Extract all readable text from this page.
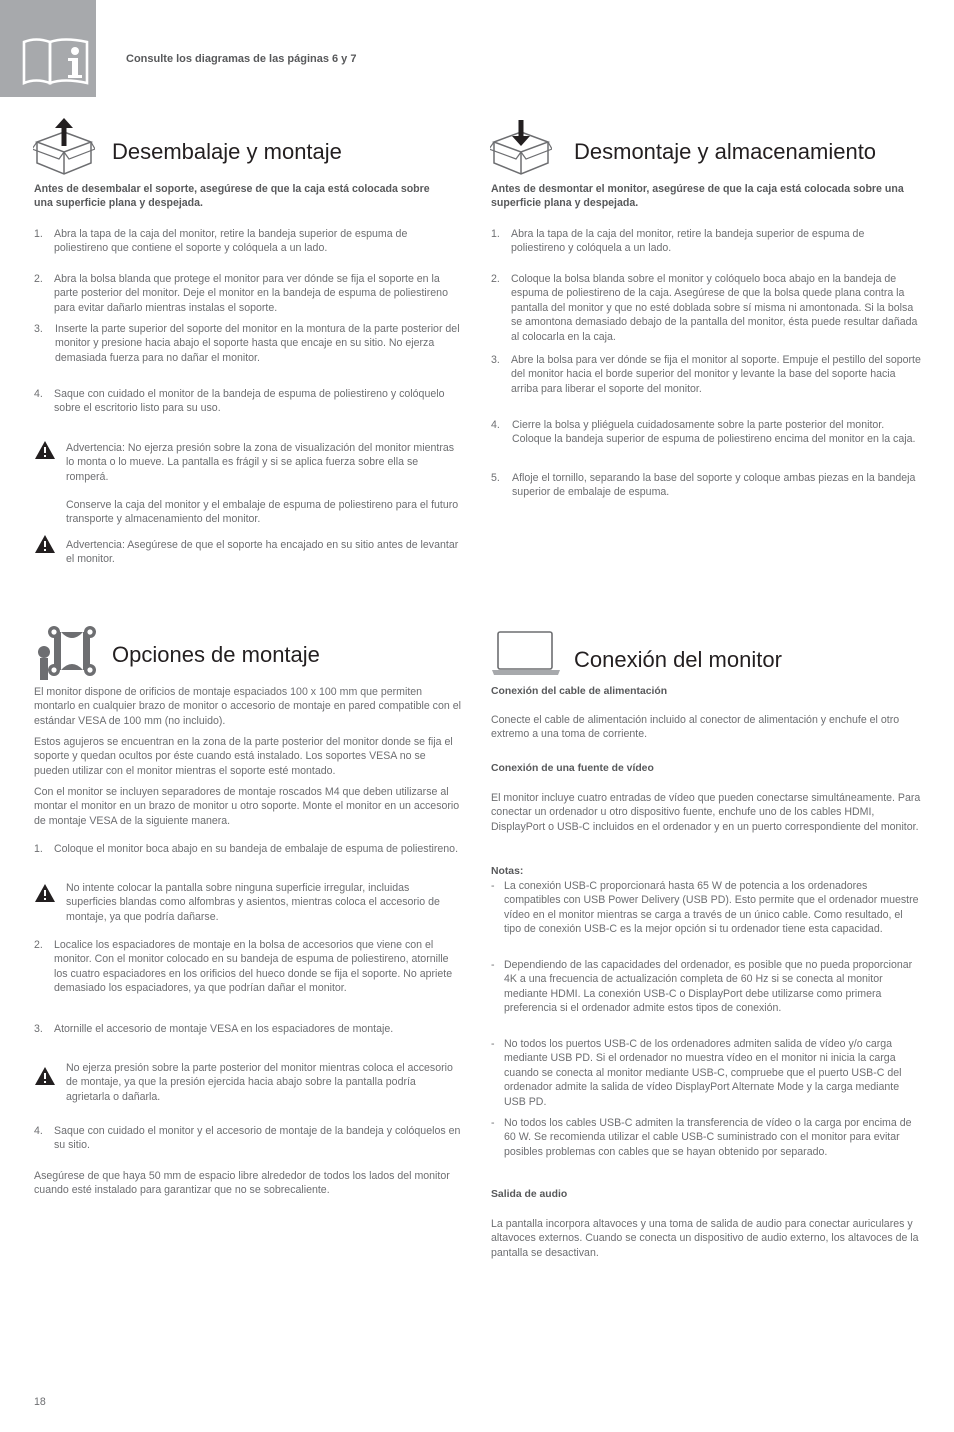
Consulte los diagramas de las páginas 6 y 7
Desembalaje y montaje
Antes de desembalar el soporte, asegúrese de que la caja está colocada sobre una superficie plana y despejada.
1. Abra la tapa de la caja del monitor, retire la bandeja superior de espuma de poliestireno que contiene el soporte y colóquela a un lado.
2. Abra la bolsa blanda que protege el monitor para ver dónde se fija el soporte en la parte posterior del monitor. Deje el monitor en la bandeja de espuma de poliestireno para evitar dañarlo mientras instalas el soporte.
3. Inserte la parte superior del soporte del monitor en la montura de la parte posterior del monitor y presione hacia abajo el soporte hasta que encaje en su sitio. No ejerza demasiada fuerza para no dañar el monitor.
4. Saque con cuidado el monitor de la bandeja de espuma de poliestireno y colóquelo sobre el escritorio listo para su uso.
Advertencia: No ejerza presión sobre la zona de visualización del monitor mientras lo monta o lo mueve. La pantalla es frágil y si se aplica fuerza sobre ella se romperá.
Conserve la caja del monitor y el embalaje de espuma de poliestireno para el futuro transporte y almacenamiento del monitor.
Advertencia: Asegúrese de que el soporte ha encajado en su sitio antes de levantar el monitor.
Desmontaje y almacenamiento
Antes de desmontar el monitor, asegúrese de que la caja está colocada sobre una superficie plana y despejada.
1. Abra la tapa de la caja del monitor, retire la bandeja superior de espuma de poliestireno y colóquela a un lado.
2. Coloque la bolsa blanda sobre el monitor y colóquelo boca abajo en la bandeja de espuma de poliestireno de la caja. Asegúrese de que la bolsa quede plana contra la pantalla del monitor y que no esté doblada sobre sí misma ni amontonada. Si la bolsa se amontona demasiado debajo de la pantalla del monitor, ésta puede resultar dañada al colocarla en la caja.
3. Abre la bolsa para ver dónde se fija el monitor al soporte. Empuje el pestillo del soporte del monitor hacia el borde superior del monitor y levante la base del soporte hacia arriba para liberar el soporte del monitor.
4. Cierre la bolsa y pliéguela cuidadosamente sobre la parte posterior del monitor. Coloque la bandeja superior de espuma de poliestireno encima del monitor en la caja.
5. Afloje el tornillo, separando la base del soporte y coloque ambas piezas en la bandeja superior de embalaje de espuma.
Opciones de montaje
El monitor dispone de orificios de montaje espaciados 100 x 100 mm que permiten montarlo en cualquier brazo de monitor o accesorio de montaje en pared compatible con el estándar VESA de 100 mm (no incluido).
Estos agujeros se encuentran en la zona de la parte posterior del monitor donde se fija el soporte y quedan ocultos por éste cuando está instalado. Los soportes VESA no se pueden utilizar con el monitor mientras el soporte esté montado.
Con el monitor se incluyen separadores de montaje roscados M4 que deben utilizarse al montar el monitor en un brazo de monitor u otro soporte. Monte el monitor en un accesorio de montaje VESA de la siguiente manera.
1. Coloque el monitor boca abajo en su bandeja de embalaje de espuma de poliestireno.
No intente colocar la pantalla sobre ninguna superficie irregular, incluidas superficies blandas como alfombras y asientos, mientras coloca el accesorio de montaje, ya que podría dañarse.
2. Localice los espaciadores de montaje en la bolsa de accesorios que viene con el monitor. Con el monitor colocado en su bandeja de espuma de poliestireno, atornille los cuatro espaciadores en los orificios del hueco donde se fija el soporte. No apriete demasiado los espaciadores, ya que podrían dañar el monitor.
3. Atornille el accesorio de montaje VESA en los espaciadores de montaje.
No ejerza presión sobre la parte posterior del monitor mientras coloca el accesorio de montaje, ya que la presión ejercida hacia abajo sobre la pantalla podría agrietarla o dañarla.
4. Saque con cuidado el monitor y el accesorio de montaje de la bandeja y colóquelos en su sitio.
Asegúrese de que haya 50 mm de espacio libre alrededor de todos los lados del monitor cuando esté instalado para garantizar que no se sobrecaliente.
Conexión del monitor
Conexión del cable de alimentación
Conecte el cable de alimentación incluido al conector de alimentación y enchufe el otro extremo a una toma de corriente.
Conexión de una fuente de vídeo
El monitor incluye cuatro entradas de vídeo que pueden conectarse simultáneamente. Para conectar un ordenador u otro dispositivo fuente, enchufe uno de los cables HDMI, DisplayPort o USB-C incluidos en el ordenador y en un puerto correspondiente del monitor.
Notas:
- La conexión USB-C proporcionará hasta 65 W de potencia a los ordenadores compatibles con USB Power Delivery (USB PD). Esto permite que el ordenador muestre vídeo en el monitor mientras se carga a través de un único cable. Como resultado, el tipo de conexión USB-C es la mejor opción si tu ordenador tiene esta capacidad.
- Dependiendo de las capacidades del ordenador, es posible que no pueda proporcionar 4K a una frecuencia de actualización completa de 60 Hz si se conecta al monitor mediante HDMI. La conexión USB-C o DisplayPort debe utilizarse como primera preferencia si el ordenador admite estos tipos de conexión.
- No todos los puertos USB-C de los ordenadores admiten salida de vídeo y/o carga mediante USB PD. Si el ordenador no muestra vídeo en el monitor ni inicia la carga cuando se conecta al monitor mediante USB-C, compruebe que el puerto USB-C del ordenador admite la salida de vídeo DisplayPort Alternate Mode y la carga mediante USB PD.
- No todos los cables USB-C admiten la transferencia de vídeo o la carga por encima de 60 W. Se recomienda utilizar el cable USB-C suministrado con el monitor para evitar posibles problemas con cables que se hayan obtenido por separado.
Salida de audio
La pantalla incorpora altavoces y una toma de salida de audio para conectar auriculares y altavoces externos. Cuando se conecta un dispositivo de audio externo, los altavoces de la pantalla se desactivan.
18
